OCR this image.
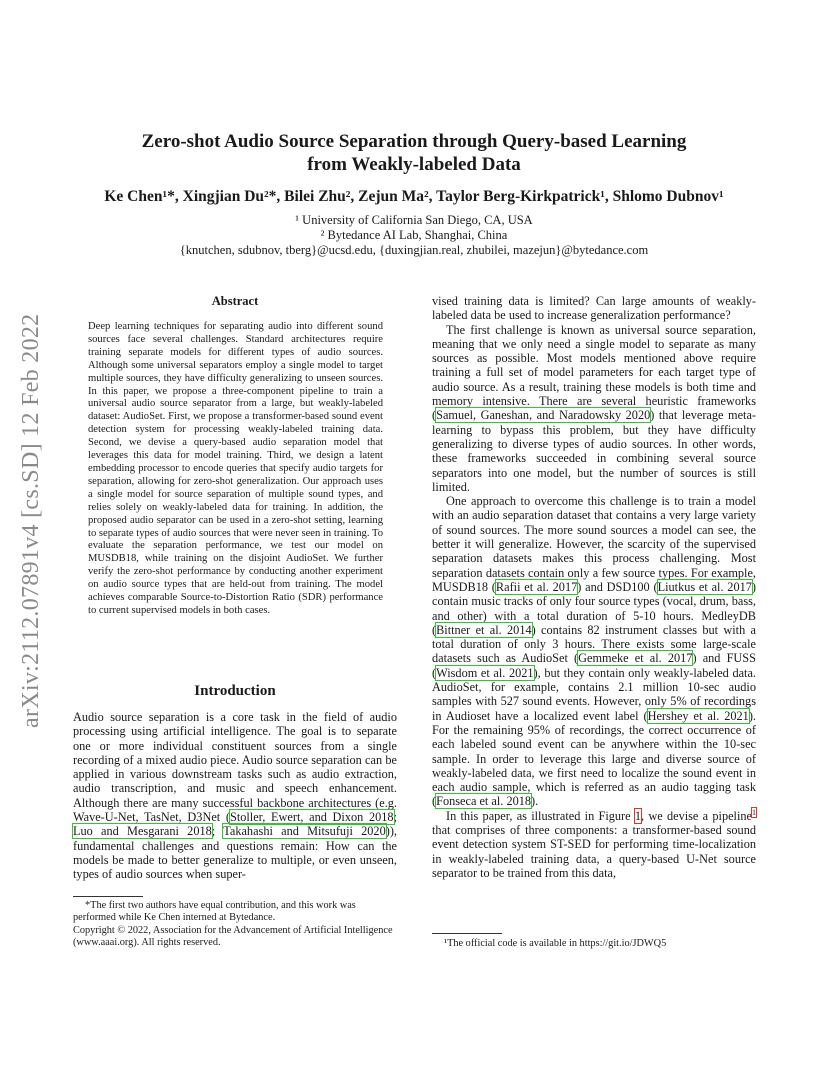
arXiv:2112.07891v4 [cs.SD] 12 Feb 2022
Zero-shot Audio Source Separation through Query-based Learning
from Weakly-labeled Data
Ke Chen¹*, Xingjian Du²*, Bilei Zhu², Zejun Ma², Taylor Berg-Kirkpatrick¹, Shlomo Dubnov¹
¹ University of California San Diego, CA, USA
² Bytedance AI Lab, Shanghai, China
{knutchen, sdubnov, tberg}@ucsd.edu, {duxingjian.real, zhubilei, mazejun}@bytedance.com
Abstract
Deep learning techniques for separating audio into different sound sources face several challenges. Standard architectures require training separate models for different types of audio sources. Although some universal separators employ a single model to target multiple sources, they have difficulty generalizing to unseen sources. In this paper, we propose a three-component pipeline to train a universal audio source separator from a large, but weakly-labeled dataset: AudioSet. First, we propose a transformer-based sound event detection system for processing weakly-labeled training data. Second, we devise a query-based audio separation model that leverages this data for model training. Third, we design a latent embedding processor to encode queries that specify audio targets for separation, allowing for zero-shot generalization. Our approach uses a single model for source separation of multiple sound types, and relies solely on weakly-labeled data for training. In addition, the proposed audio separator can be used in a zero-shot setting, learning to separate types of audio sources that were never seen in training. To evaluate the separation performance, we test our model on MUSDB18, while training on the disjoint AudioSet. We further verify the zero-shot performance by conducting another experiment on audio source types that are held-out from training. The model achieves comparable Source-to-Distortion Ratio (SDR) performance to current supervised models in both cases.
Introduction

Audio source separation is a core task in the field of audio processing using artificial intelligence. The goal is to separate one or more individual constituent sources from a single recording of a mixed audio piece. Audio source separation can be applied in various downstream tasks such as audio extraction, audio transcription, and music and speech enhancement. Although there are many successful backbone architectures (e.g. Wave-U-Net, TasNet, D3Net (Stoller, Ewert, and Dixon 2018; Luo and Mesgarani 2018; Takahashi and Mitsufuji 2020)), fundamental challenges and questions remain: How can the models be made to better generalize to multiple, or even unseen, types of audio sources when super-

*The first two authors have equal contribution, and this work was performed while Ke Chen interned at Bytedance.
Copyright © 2022, Association for the Advancement of Artificial Intelligence (www.aaai.org). All rights reserved.

vised training data is limited? Can large amounts of weakly-labeled data be used to increase generalization performance?

The first challenge is known as universal source separation, meaning that we only need a single model to separate as many sources as possible. Most models mentioned above require training a full set of model parameters for each target type of audio source. As a result, training these models is both time and memory intensive. There are several heuristic frameworks (Samuel, Ganeshan, and Naradowsky 2020) that leverage meta-learning to bypass this problem, but they have difficulty generalizing to diverse types of audio sources. In other words, these frameworks succeeded in combining several source separators into one model, but the number of sources is still limited.

One approach to overcome this challenge is to train a model with an audio separation dataset that contains a very large variety of sound sources. The more sound sources a model can see, the better it will generalize. However, the scarcity of the supervised separation datasets makes this process challenging. Most separation datasets contain only a few source types. For example, MUSDB18 (Rafii et al. 2017) and DSD100 (Liutkus et al. 2017) contain music tracks of only four source types (vocal, drum, bass, and other) with a total duration of 5-10 hours. MedleyDB (Bittner et al. 2014) contains 82 instrument classes but with a total duration of only 3 hours. There exists some large-scale datasets such as AudioSet (Gemmeke et al. 2017) and FUSS (Wisdom et al. 2021), but they contain only weakly-labeled data. AudioSet, for example, contains 2.1 million 10-sec audio samples with 527 sound events. However, only 5% of recordings in Audioset have a localized event label (Hershey et al. 2021). For the remaining 95% of recordings, the correct occurrence of each labeled sound event can be anywhere within the 10-sec sample. In order to leverage this large and diverse source of weakly-labeled data, we first need to localize the sound event in each audio sample, which is referred as an audio tagging task (Fonseca et al. 2018).

In this paper, as illustrated in Figure 1, we devise a pipeline$^1$ that comprises of three components: a transformer-based sound event detection system ST-SED for performing time-localization in weakly-labeled training data, a query-based U-Net source separator to be trained from this data,

¹The official code is available in https://git.io/JDWQ5
